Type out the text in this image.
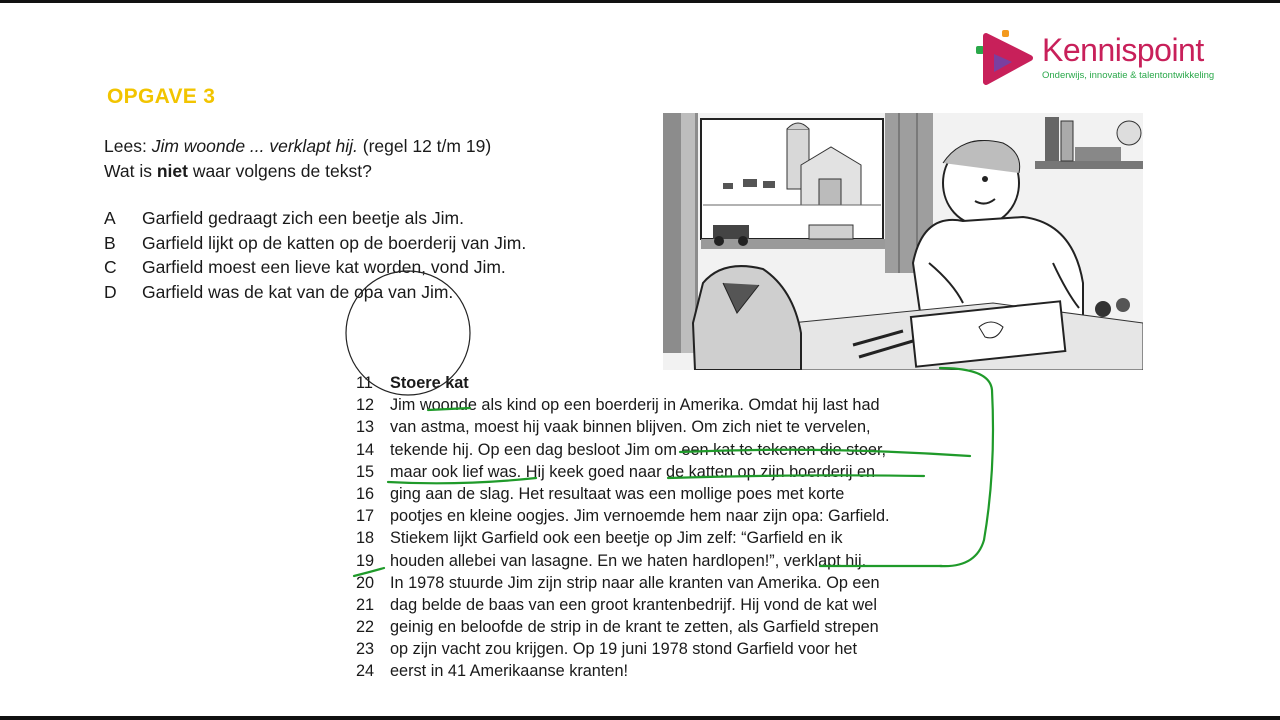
Kennispoint
Onderwijs, innovatie & talentontwikkeling
OPGAVE 3
Lees: Jim woonde ... verklapt hij. (regel 12 t/m 19)
Wat is niet waar volgens de tekst?
A Garfield gedraagt zich een beetje als Jim.
B Garfield lijkt op de katten op de boerderij van Jim.
C Garfield moest een lieve kat worden, vond Jim.
D Garfield was de kat van de opa van Jim.
11 Stoere kat
12 Jim woonde als kind op een boerderij in Amerika. Omdat hij last had
13 van astma, moest hij vaak binnen blijven. Om zich niet te vervelen,
14 tekende hij. Op een dag besloot Jim om een kat te tekenen die stoer,
15 maar ook lief was. Hij keek goed naar de katten op zijn boerderij en
16 ging aan de slag. Het resultaat was een mollige poes met korte
17 pootjes en kleine oogjes. Jim vernoemde hem naar zijn opa: Garfield.
18 Stiekem lijkt Garfield ook een beetje op Jim zelf: “Garfield en ik
19 houden allebei van lasagne. En we haten hardlopen!”, verklapt hij.
20 In 1978 stuurde Jim zijn strip naar alle kranten van Amerika. Op een
21 dag belde de baas van een groot krantenbedrijf. Hij vond de kat wel
22 geinig en beloofde de strip in de krant te zetten, als Garfield strepen
23 op zijn vacht zou krijgen. Op 19 juni 1978 stond Garfield voor het
24 eerst in 41 Amerikaanse kranten!
